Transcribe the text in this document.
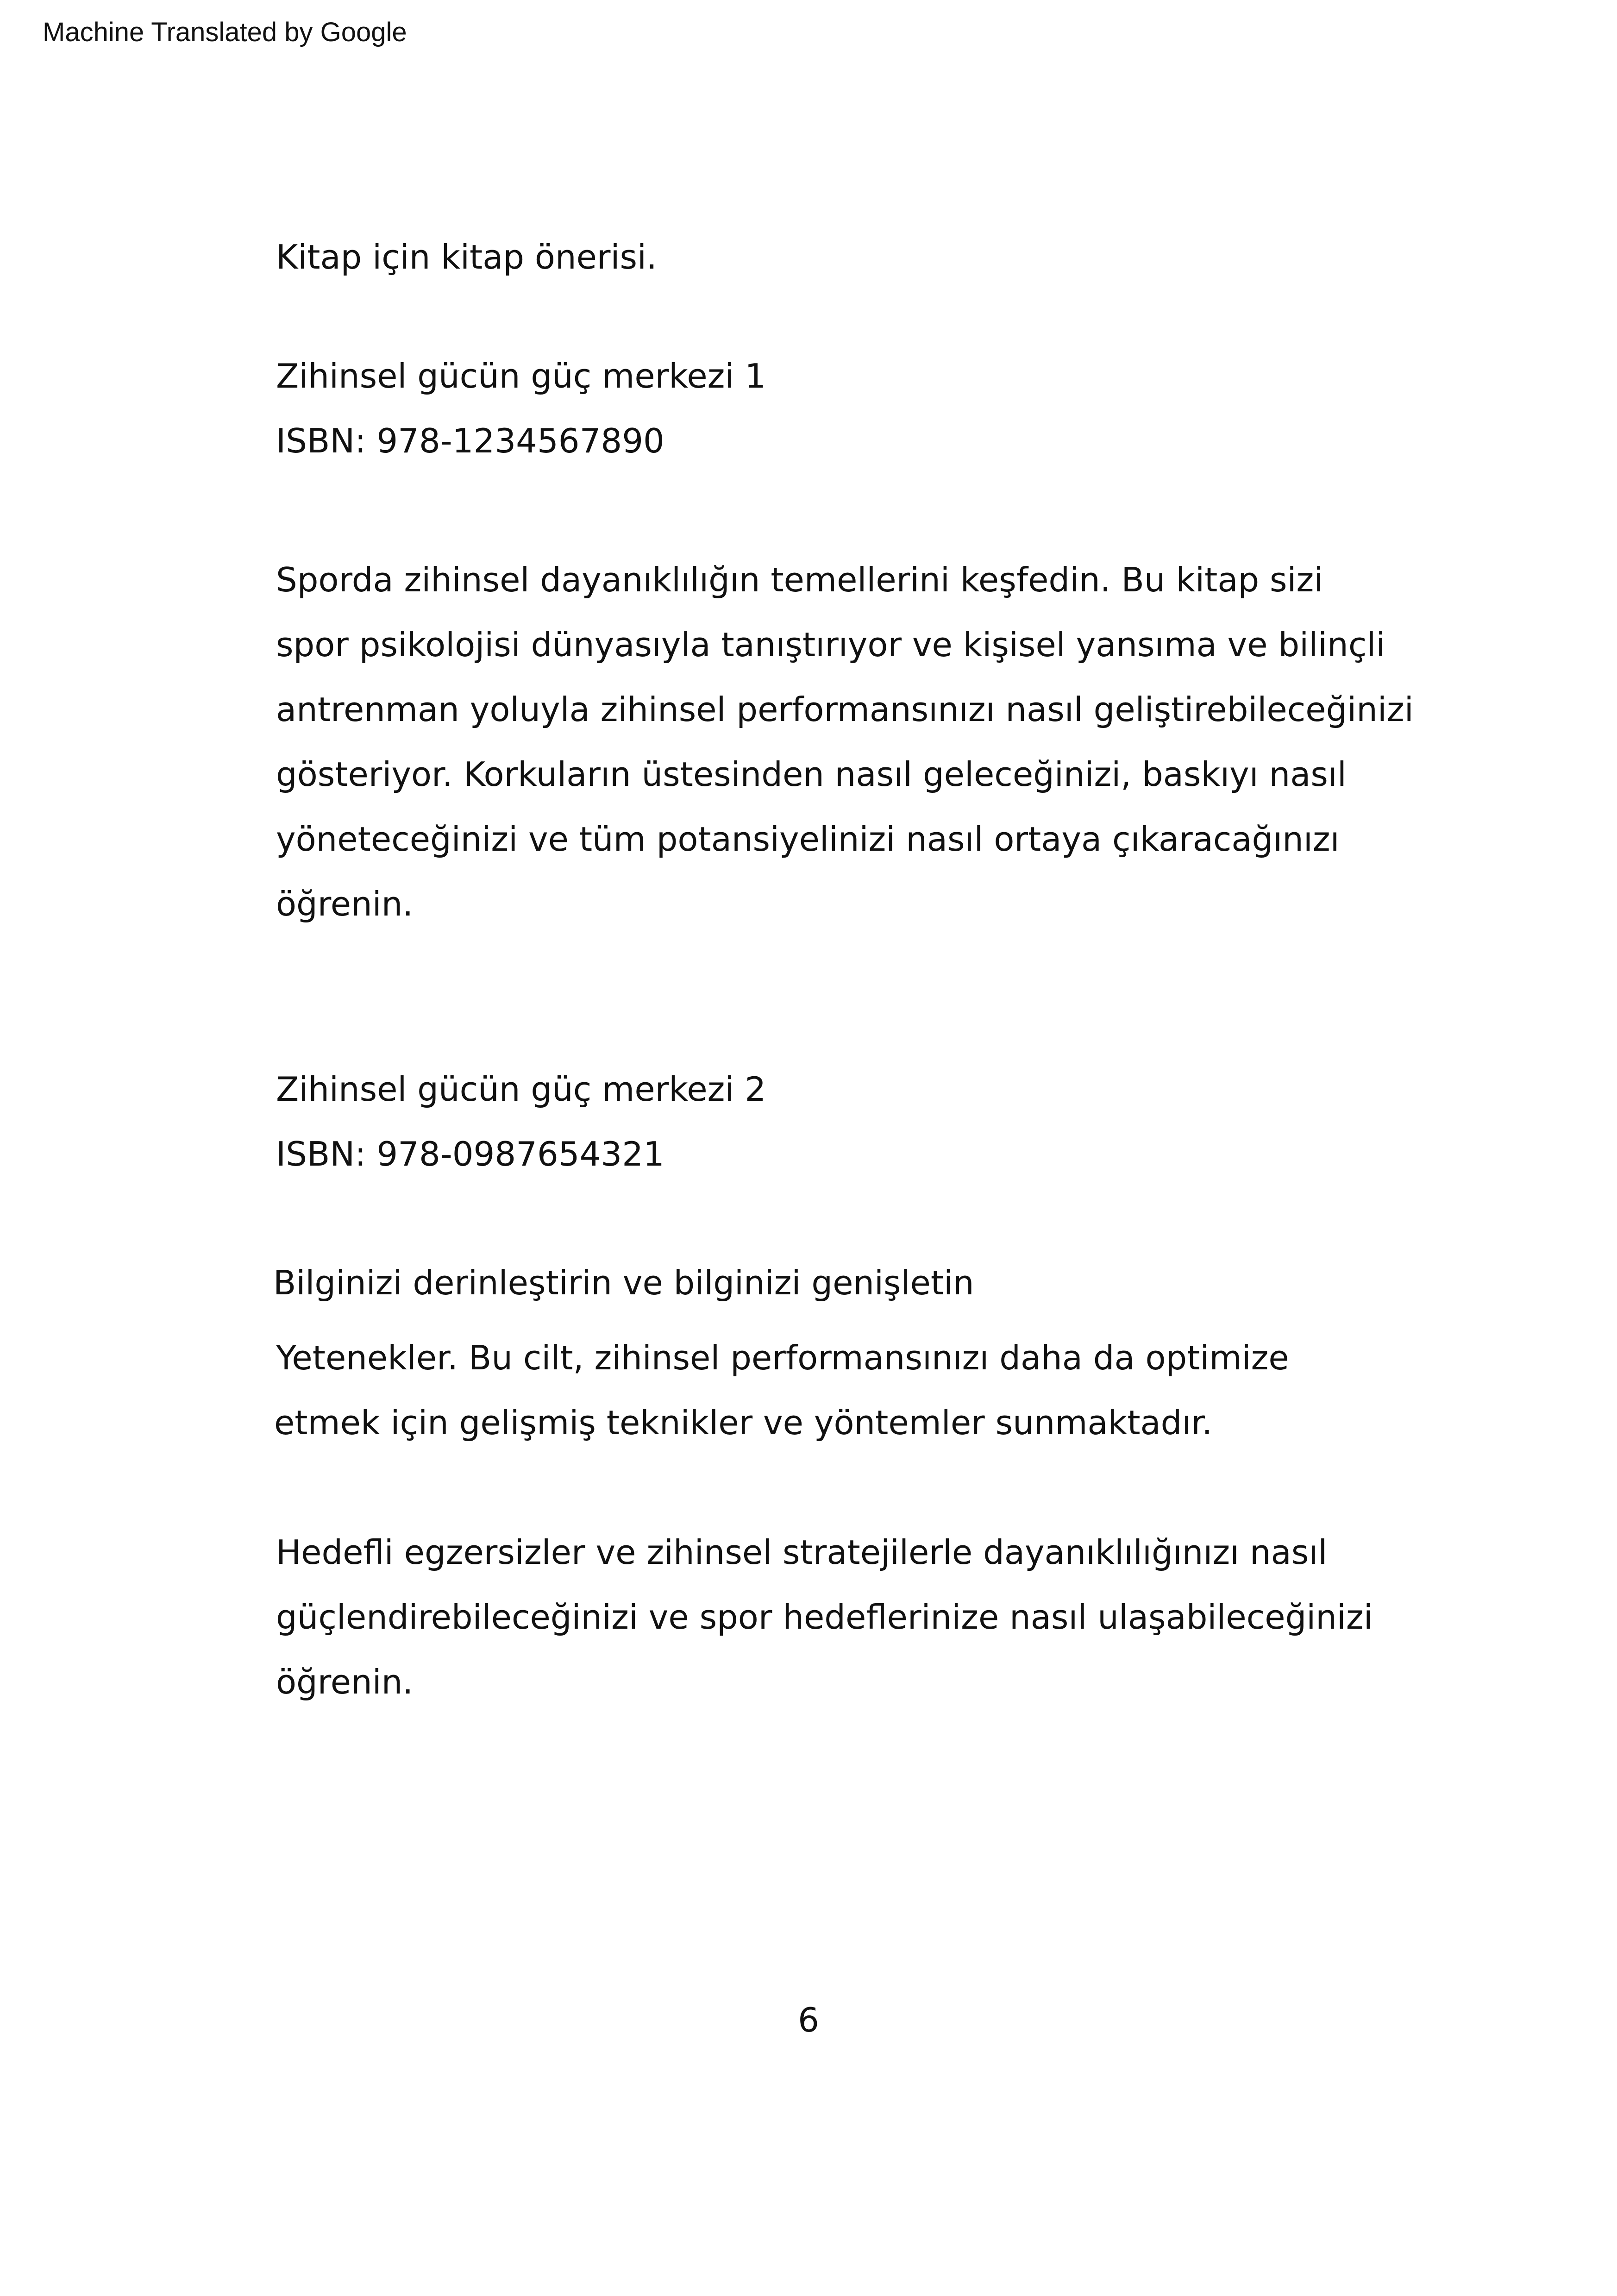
Machine Translated by Google
Kitap için kitap önerisi.
Zihinsel gücün güç merkezi 1
ISBN: 978-1234567890
Sporda zihinsel dayanıklılığın temellerini keşfedin. Bu kitap sizi
spor psikolojisi dünyasıyla tanıştırıyor ve kişisel yansıma ve bilinçli
antrenman yoluyla zihinsel performansınızı nasıl geliştirebileceğinizi
gösteriyor. Korkuların üstesinden nasıl geleceğinizi, baskıyı nasıl
yöneteceğinizi ve tüm potansiyelinizi nasıl ortaya çıkaracağınızı
öğrenin.
Zihinsel gücün güç merkezi 2
ISBN: 978-0987654321
Bilginizi derinleştirin ve bilginizi genişletin
Yetenekler. Bu cilt, zihinsel performansınızı daha da optimize
etmek için gelişmiş teknikler ve yöntemler sunmaktadır.
Hedefli egzersizler ve zihinsel stratejilerle dayanıklılığınızı nasıl
güçlendirebileceğinizi ve spor hedeflerinize nasıl ulaşabileceğinizi
öğrenin.
6
